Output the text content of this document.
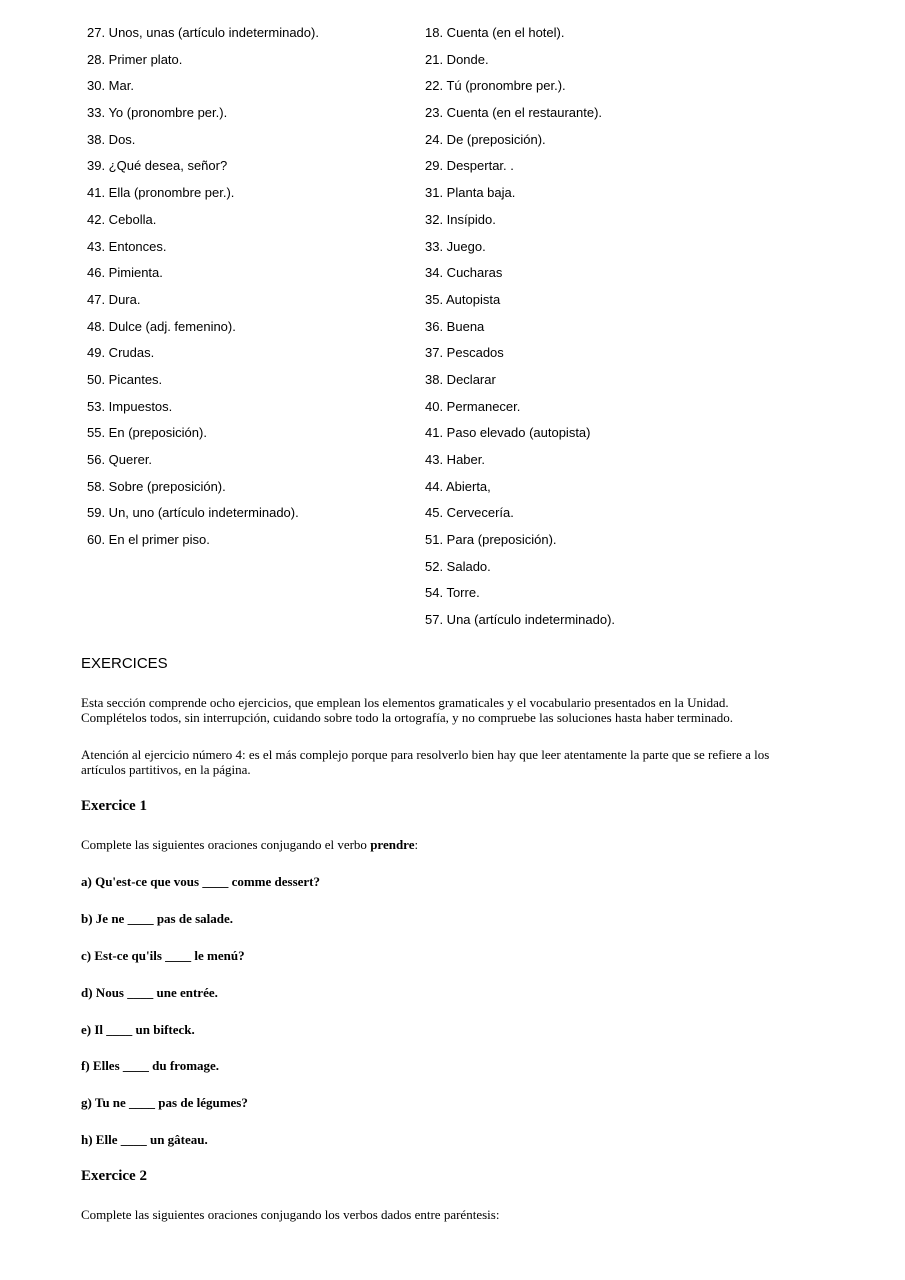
27. Unos, unas (artículo indeterminado).
28. Primer plato.
30. Mar.
33. Yo (pronombre per.).
38. Dos.
39. ¿Qué desea, señor?
41. Ella (pronombre per.).
42. Cebolla.
43. Entonces.
46. Pimienta.
47. Dura.
48. Dulce (adj. femenino).
49. Crudas.
50. Picantes.
53. Impuestos.
55. En (preposición).
56. Querer.
58. Sobre (preposición).
59. Un, uno (artículo indeterminado).
60. En el primer piso.
18. Cuenta (en el hotel).
21. Donde.
22. Tú (pronombre per.).
23. Cuenta (en el restaurante).
24. De (preposición).
29. Despertar. .
31. Planta baja.
32. Insípido.
33. Juego.
34. Cucharas
35. Autopista
36. Buena
37. Pescados
38. Declarar
40. Permanecer.
41. Paso elevado (autopista)
43. Haber.
44. Abierta,
45. Cervecería.
51. Para (preposición).
52. Salado.
54. Torre.
57. Una (artículo indeterminado).
EXERCICES
Esta sección comprende ocho ejercicios, que emplean los elementos gramaticales y el vocabulario presentados en la Unidad.
Complételos todos, sin interrupción, cuidando sobre todo la ortografía, y no compruebe las soluciones hasta haber terminado.
Atención al ejercicio número 4: es el más complejo porque para resolverlo bien hay que leer atentamente la parte que se refiere a los
artículos partitivos, en la página.
Exercice 1
Complete las siguientes oraciones conjugando el verbo prendre:
a) Qu'est-ce que vous ____ comme dessert?
b) Je ne ____ pas de salade.
c) Est-ce qu'ils ____ le menú?
d) Nous ____ une entrée.
e) Il ____ un bifteck.
f) Elles ____ du fromage.
g) Tu ne ____ pas de légumes?
h) Elle ____ un gâteau.
Exercice 2
Complete las siguientes oraciones conjugando los verbos dados entre paréntesis:
